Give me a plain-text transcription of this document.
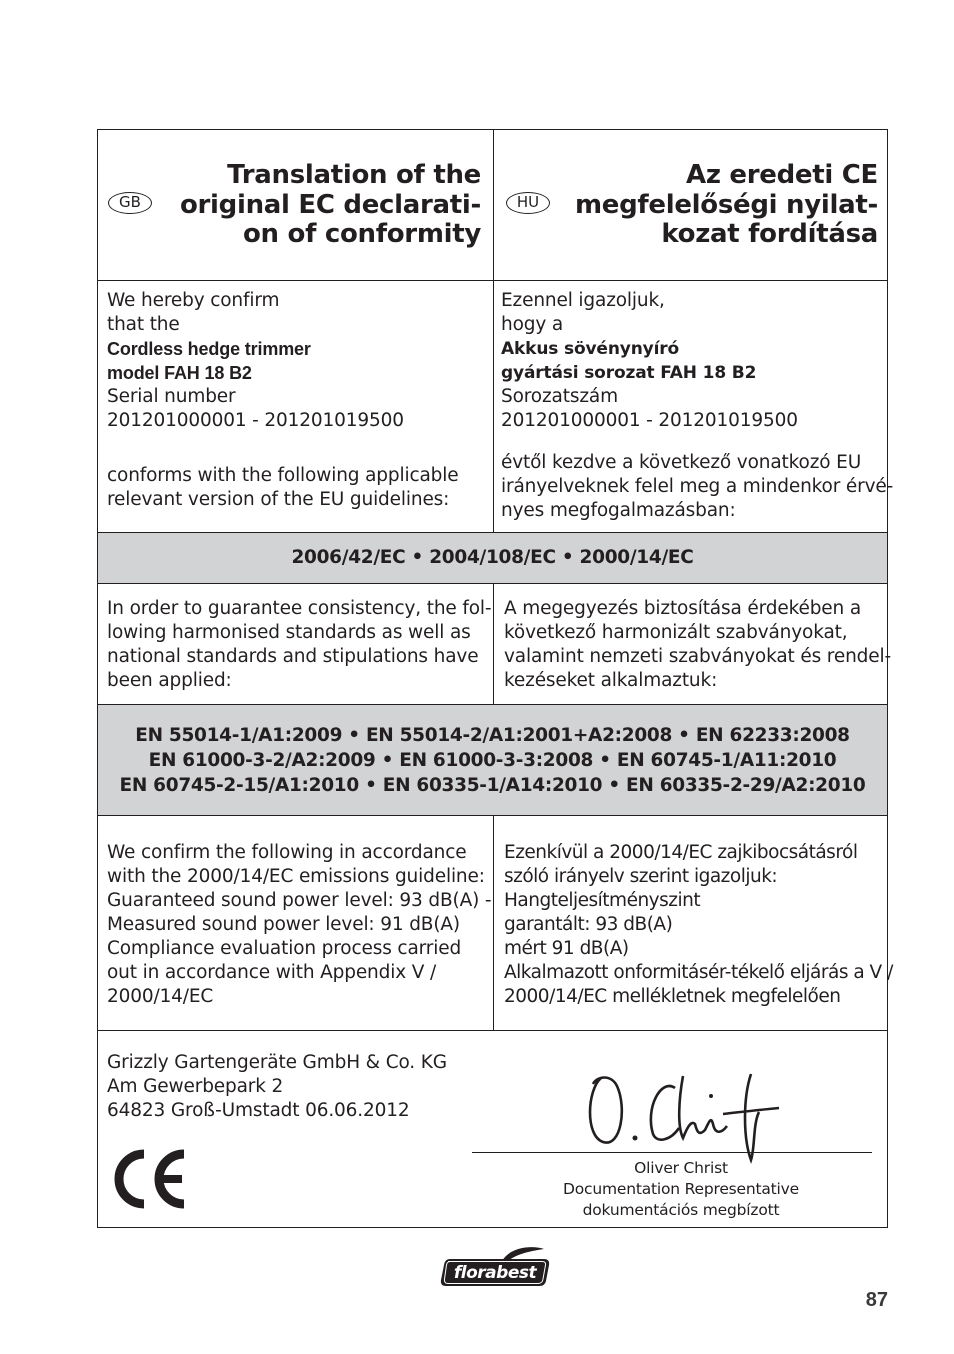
GB
Translation of the
original EC declarati-
on of conformity
HU
Az eredeti CE
megfelelőségi nyilat-
kozat fordítása
We hereby confirm
that the
Cordless hedge trimmer
model FAH 18 B2
Serial number
201201000001 - 201201019500
conforms with the following applicable
relevant version of the EU guidelines:
Ezennel igazoljuk,
hogy a
Akkus sövénynyíró
gyártási sorozat FAH 18 B2
Sorozatszám
201201000001 - 201201019500
évtől kezdve a következő vonatkozó EU
irányelveknek felel meg a mindenkor érvé-
nyes megfogalmazásban:
2006/42/EC • 2004/108/EC • 2000/14/EC
In order to guarantee consistency, the fol-
lowing harmonised standards as well as
national standards and stipulations have
been applied:
A megegyezés biztosítása érdekében a
következő harmonizált szabványokat,
valamint nemzeti szabványokat és rendel-
kezéseket alkalmaztuk:
EN 55014-1/A1:2009 • EN 55014-2/A1:2001+A2:2008 • EN 62233:2008
EN 61000-3-2/A2:2009 • EN 61000-3-3:2008 • EN 60745-1/A11:2010
EN 60745-2-15/A1:2010 • EN 60335-1/A14:2010 • EN 60335-2-29/A2:2010
We confirm the following in accordance
with the 2000/14/EC emissions guideline:
Guaranteed sound power level: 93 dB(A) -
Measured sound power level: 91 dB(A)
Compliance evaluation process carried
out in accordance with Appendix V /
2000/14/EC
Ezenkívül a 2000/14/EC zajkibocsátásról
szóló irányelv szerint igazoljuk:
Hangteljesítményszint
garantált: 93 dB(A)
mért 91 dB(A)
Alkalmazott onformitásér-tékelő eljárás a V /
2000/14/EC mellékletnek megfelelően
Grizzly Gartengeräte GmbH & Co. KG
Am Gewerbepark 2
64823 Groß-Umstadt 06.06.2012
Oliver Christ
Documentation Representative
dokumentációs megbízott
florabest
87
